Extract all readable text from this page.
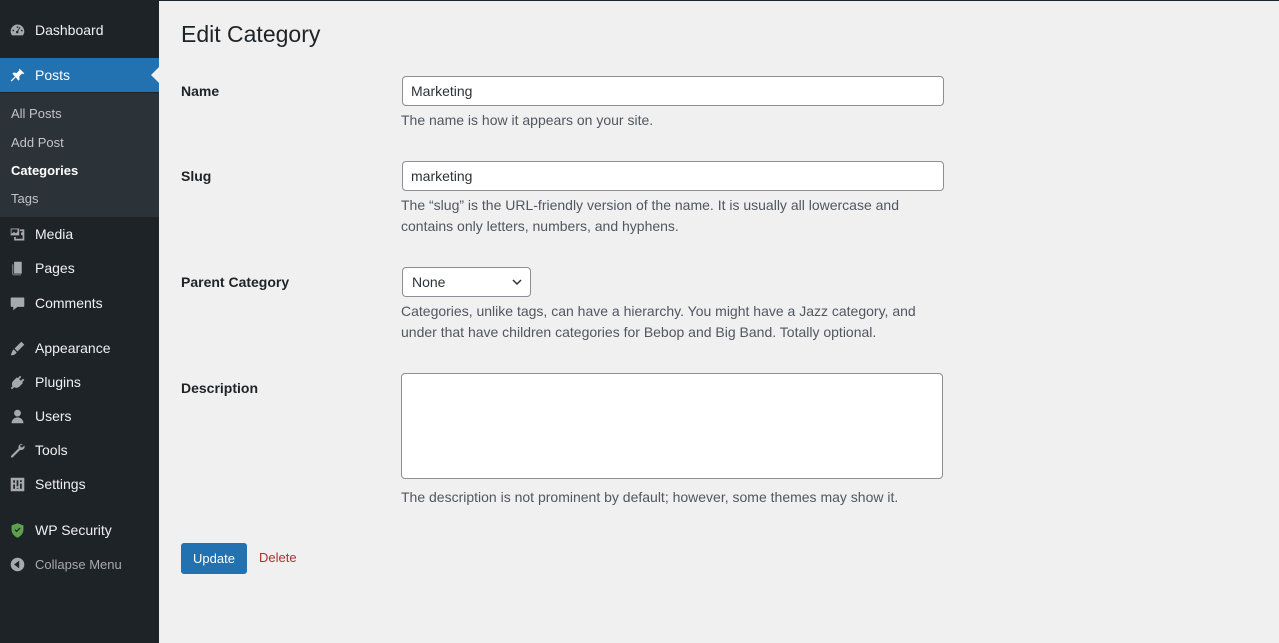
Dashboard
Posts
All Posts
Add Post
Categories
Tags
Media
Pages
Comments
Appearance
Plugins
Users
Tools
Settings
WP Security
Collapse Menu
Edit Category
Name
Marketing

The name is how it appears on your site.

Slug
marketing

The “slug” is the URL-friendly version of the name. It is usually all lowercase and contains only letters, numbers, and hyphens.

Parent Category	None

Categories, unlike tags, can have a hierarchy. You might have a Jazz category, and under that have children categories for Bebop and Big Band. Totally optional.

Description

The description is not prominent by default; however, some themes may show it.

Update	Delete
